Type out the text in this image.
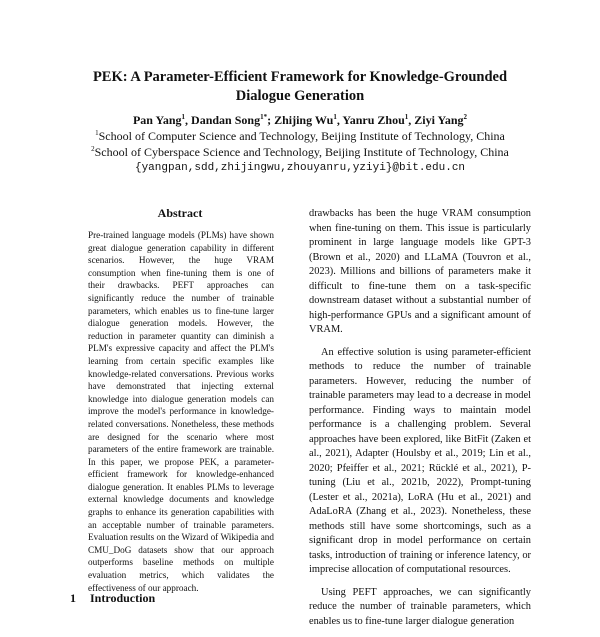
PEK: A Parameter-Efficient Framework for Knowledge-Grounded
Dialogue Generation
Pan Yang$^1$, Dandan Song$^{1*}$; Zhijing Wu$^1$, Yanru Zhou$^1$, Ziyi Yang$^2$
$^1$School of Computer Science and Technology, Beijing Institute of Technology, China
$^2$School of Cyberspace Science and Technology, Beijing Institute of Technology, China
{yangpan,sdd,zhijingwu,zhouyanru,yziyi}@bit.edu.cn
Abstract
Pre-trained language models (PLMs) have shown great dialogue generation capability in different scenarios. However, the huge VRAM consumption when fine-tuning them is one of their drawbacks. PEFT approaches can significantly reduce the number of trainable parameters, which enables us to fine-tune larger dialogue generation models. However, the reduction in parameter quantity can diminish a PLM's expressive capacity and affect the PLM's learning from certain specific examples like knowledge-related conversations. Previous works have demonstrated that injecting external knowledge into dialogue generation models can improve the model's performance in knowledge-related conversations. Nonetheless, these methods are designed for the scenario where most parameters of the entire framework are trainable. In this paper, we propose PEK, a parameter-efficient framework for knowledge-enhanced dialogue generation. It enables PLMs to leverage external knowledge documents and knowledge graphs to enhance its generation capabilities with an acceptable number of trainable parameters. Evaluation results on the Wizard of Wikipedia and CMU_DoG datasets show that our approach outperforms baseline methods on multiple evaluation metrics, which validates the effectiveness of our approach.

drawbacks has been the huge VRAM consumption when fine-tuning on them. This issue is particularly prominent in large language models like GPT-3 (Brown et al., 2020) and LLaMA (Touvron et al., 2023). Millions and billions of parameters make it difficult to fine-tune them on a task-specific downstream dataset without a substantial number of high-performance GPUs and a significant amount of VRAM.

An effective solution is using parameter-efficient methods to reduce the number of trainable parameters. However, reducing the number of trainable parameters may lead to a decrease in model performance. Finding ways to maintain model performance is a challenging problem. Several approaches have been explored, like BitFit (Zaken et al., 2021), Adapter (Houlsby et al., 2019; Lin et al., 2020; Pfeiffer et al., 2021; Rücklé et al., 2021), P-tuning (Liu et al., 2021b, 2022), Prompt-tuning (Lester et al., 2021a), LoRA (Hu et al., 2021) and AdaLoRA (Zhang et al., 2023). Nonetheless, these methods still have some shortcomings, such as a significant drop in model performance on certain tasks, introduction of training or inference latency, or imprecise allocation of computational resources.

Using PEFT approaches, we can significantly reduce the number of trainable parameters, which enables us to fine-tune larger dialogue generation

1 Introduction
